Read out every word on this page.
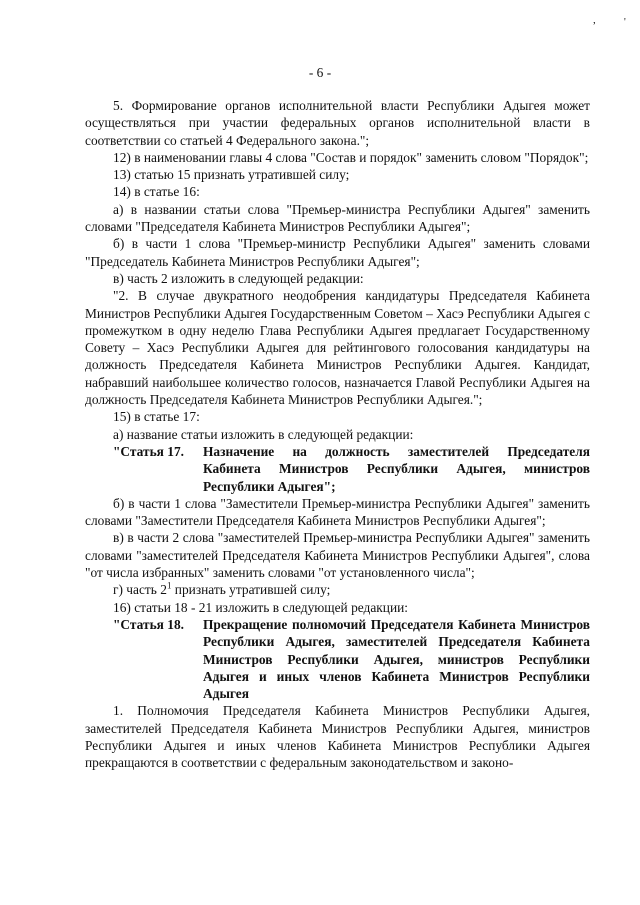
,	'
- 6 -

5. Формирование органов исполнительной власти Республики Адыгея может осуществляться при участии федеральных органов исполнительной власти в соответствии со статьей 4 Федерального закона.";

12) в наименовании главы 4 слова "Состав и порядок" заменить словом "Порядок";

13) статью 15 признать утратившей силу;

14) в статье 16:

а) в названии статьи слова "Премьер-министра Республики Адыгея" заменить словами "Председателя Кабинета Министров Республики Адыгея";

б) в части 1 слова "Премьер-министр Республики Адыгея" заменить словами "Председатель Кабинета Министров Республики Адыгея";

в) часть 2 изложить в следующей редакции:

"2. В случае двукратного неодобрения кандидатуры Председателя Кабинета Министров Республики Адыгея Государственным Советом – Хасэ Республики Адыгея с промежутком в одну неделю Глава Республики Адыгея предлагает Государственному Совету – Хасэ Республики Адыгея для рейтингового голосования кандидатуры на должность Председателя Кабинета Министров Республики Адыгея. Кандидат, набравший наибольшее количество голосов, назначается Главой Республики Адыгея на должность Председателя Кабинета Министров Республики Адыгея.";

15) в статье 17:

а) название статьи изложить в следующей редакции:

"Статья 17.	Назначение на должность заместителей Председателя Кабинета Министров Республики Адыгея, министров Республики Адыгея";

б) в части 1 слова "Заместители Премьер-министра Республики Адыгея" заменить словами "Заместители Председателя Кабинета Министров Республики Адыгея";

в) в части 2 слова "заместителей Премьер-министра Республики Адыгея" заменить словами "заместителей Председателя Кабинета Министров Республики Адыгея", слова "от числа избранных" заменить словами "от установленного числа";

г) часть $2^1$ признать утратившей силу;

16) статьи 18 - 21 изложить в следующей редакции:

"Статья 18.	Прекращение полномочий Председателя Кабинета Министров Республики Адыгея, заместителей Председателя Кабинета Министров Республики Адыгея, министров Республики Адыгея и иных членов Кабинета Министров Республики Адыгея

1. Полномочия Председателя Кабинета Министров Республики Адыгея, заместителей Председателя Кабинета Министров Республики Адыгея, министров Республики Адыгея и иных членов Кабинета Министров Республики Адыгея прекращаются в соответствии с федеральным законодательством и законо-
